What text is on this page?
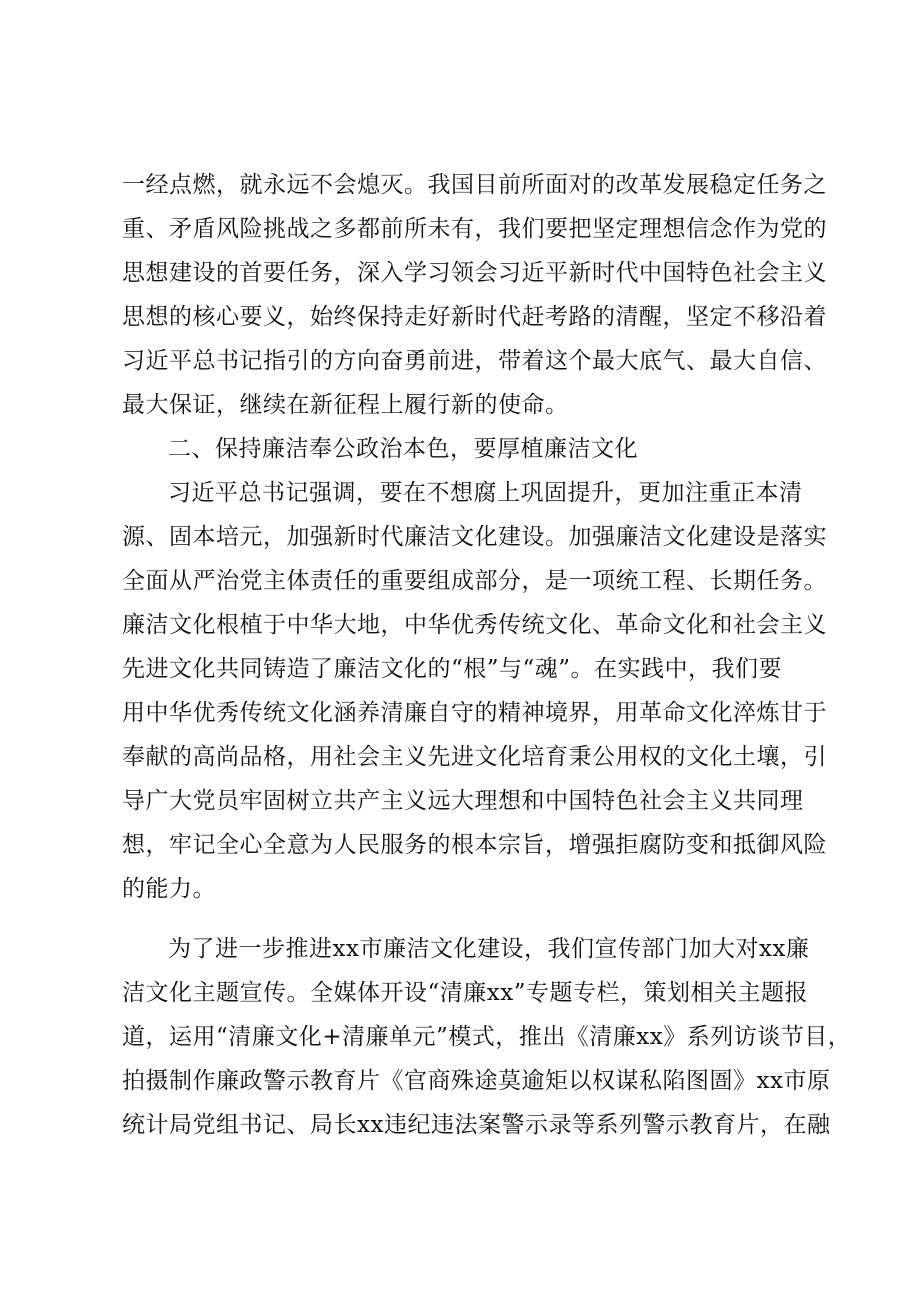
一经点燃，就永远不会熄灭。我国目前所面对的改革发展稳定任务之
重、矛盾风险挑战之多都前所未有，我们要把坚定理想信念作为党的
思想建设的首要任务，深入学习领会习近平新时代中国特色社会主义
思想的核心要义，始终保持走好新时代赶考路的清醒，坚定不移沿着
习近平总书记指引的方向奋勇前进，带着这个最大底气、最大自信、
最大保证，继续在新征程上履行新的使命。
二、保持廉洁奉公政治本色，要厚植廉洁文化
习近平总书记强调，要在不想腐上巩固提升，更加注重正本清
源、固本培元，加强新时代廉洁文化建设。加强廉洁文化建设是落实
全面从严治党主体责任的重要组成部分，是一项统工程、长期任务。
廉洁文化根植于中华大地，中华优秀传统文化、革命文化和社会主义
先进文化共同铸造了廉洁文化的“根”与“魂”。在实践中，我们要
用中华优秀传统文化涵养清廉自守的精神境界，用革命文化淬炼甘于
奉献的高尚品格，用社会主义先进文化培育秉公用权的文化土壤，引
导广大党员牢固树立共产主义远大理想和中国特色社会主义共同理
想，牢记全心全意为人民服务的根本宗旨，增强拒腐防变和抵御风险
的能力。
为了进一步推进xx市廉洁文化建设，我们宣传部门加大对xx廉
洁文化主题宣传。全媒体开设“清廉xx”专题专栏，策划相关主题报
道，运用“清廉文化+清廉单元”模式，推出《清廉xx》系列访谈节目，
拍摄制作廉政警示教育片《官商殊途莫逾矩以权谋私陷图圄》xx市原
统计局党组书记、局长xx违纪违法案警示录等系列警示教育片，在融
